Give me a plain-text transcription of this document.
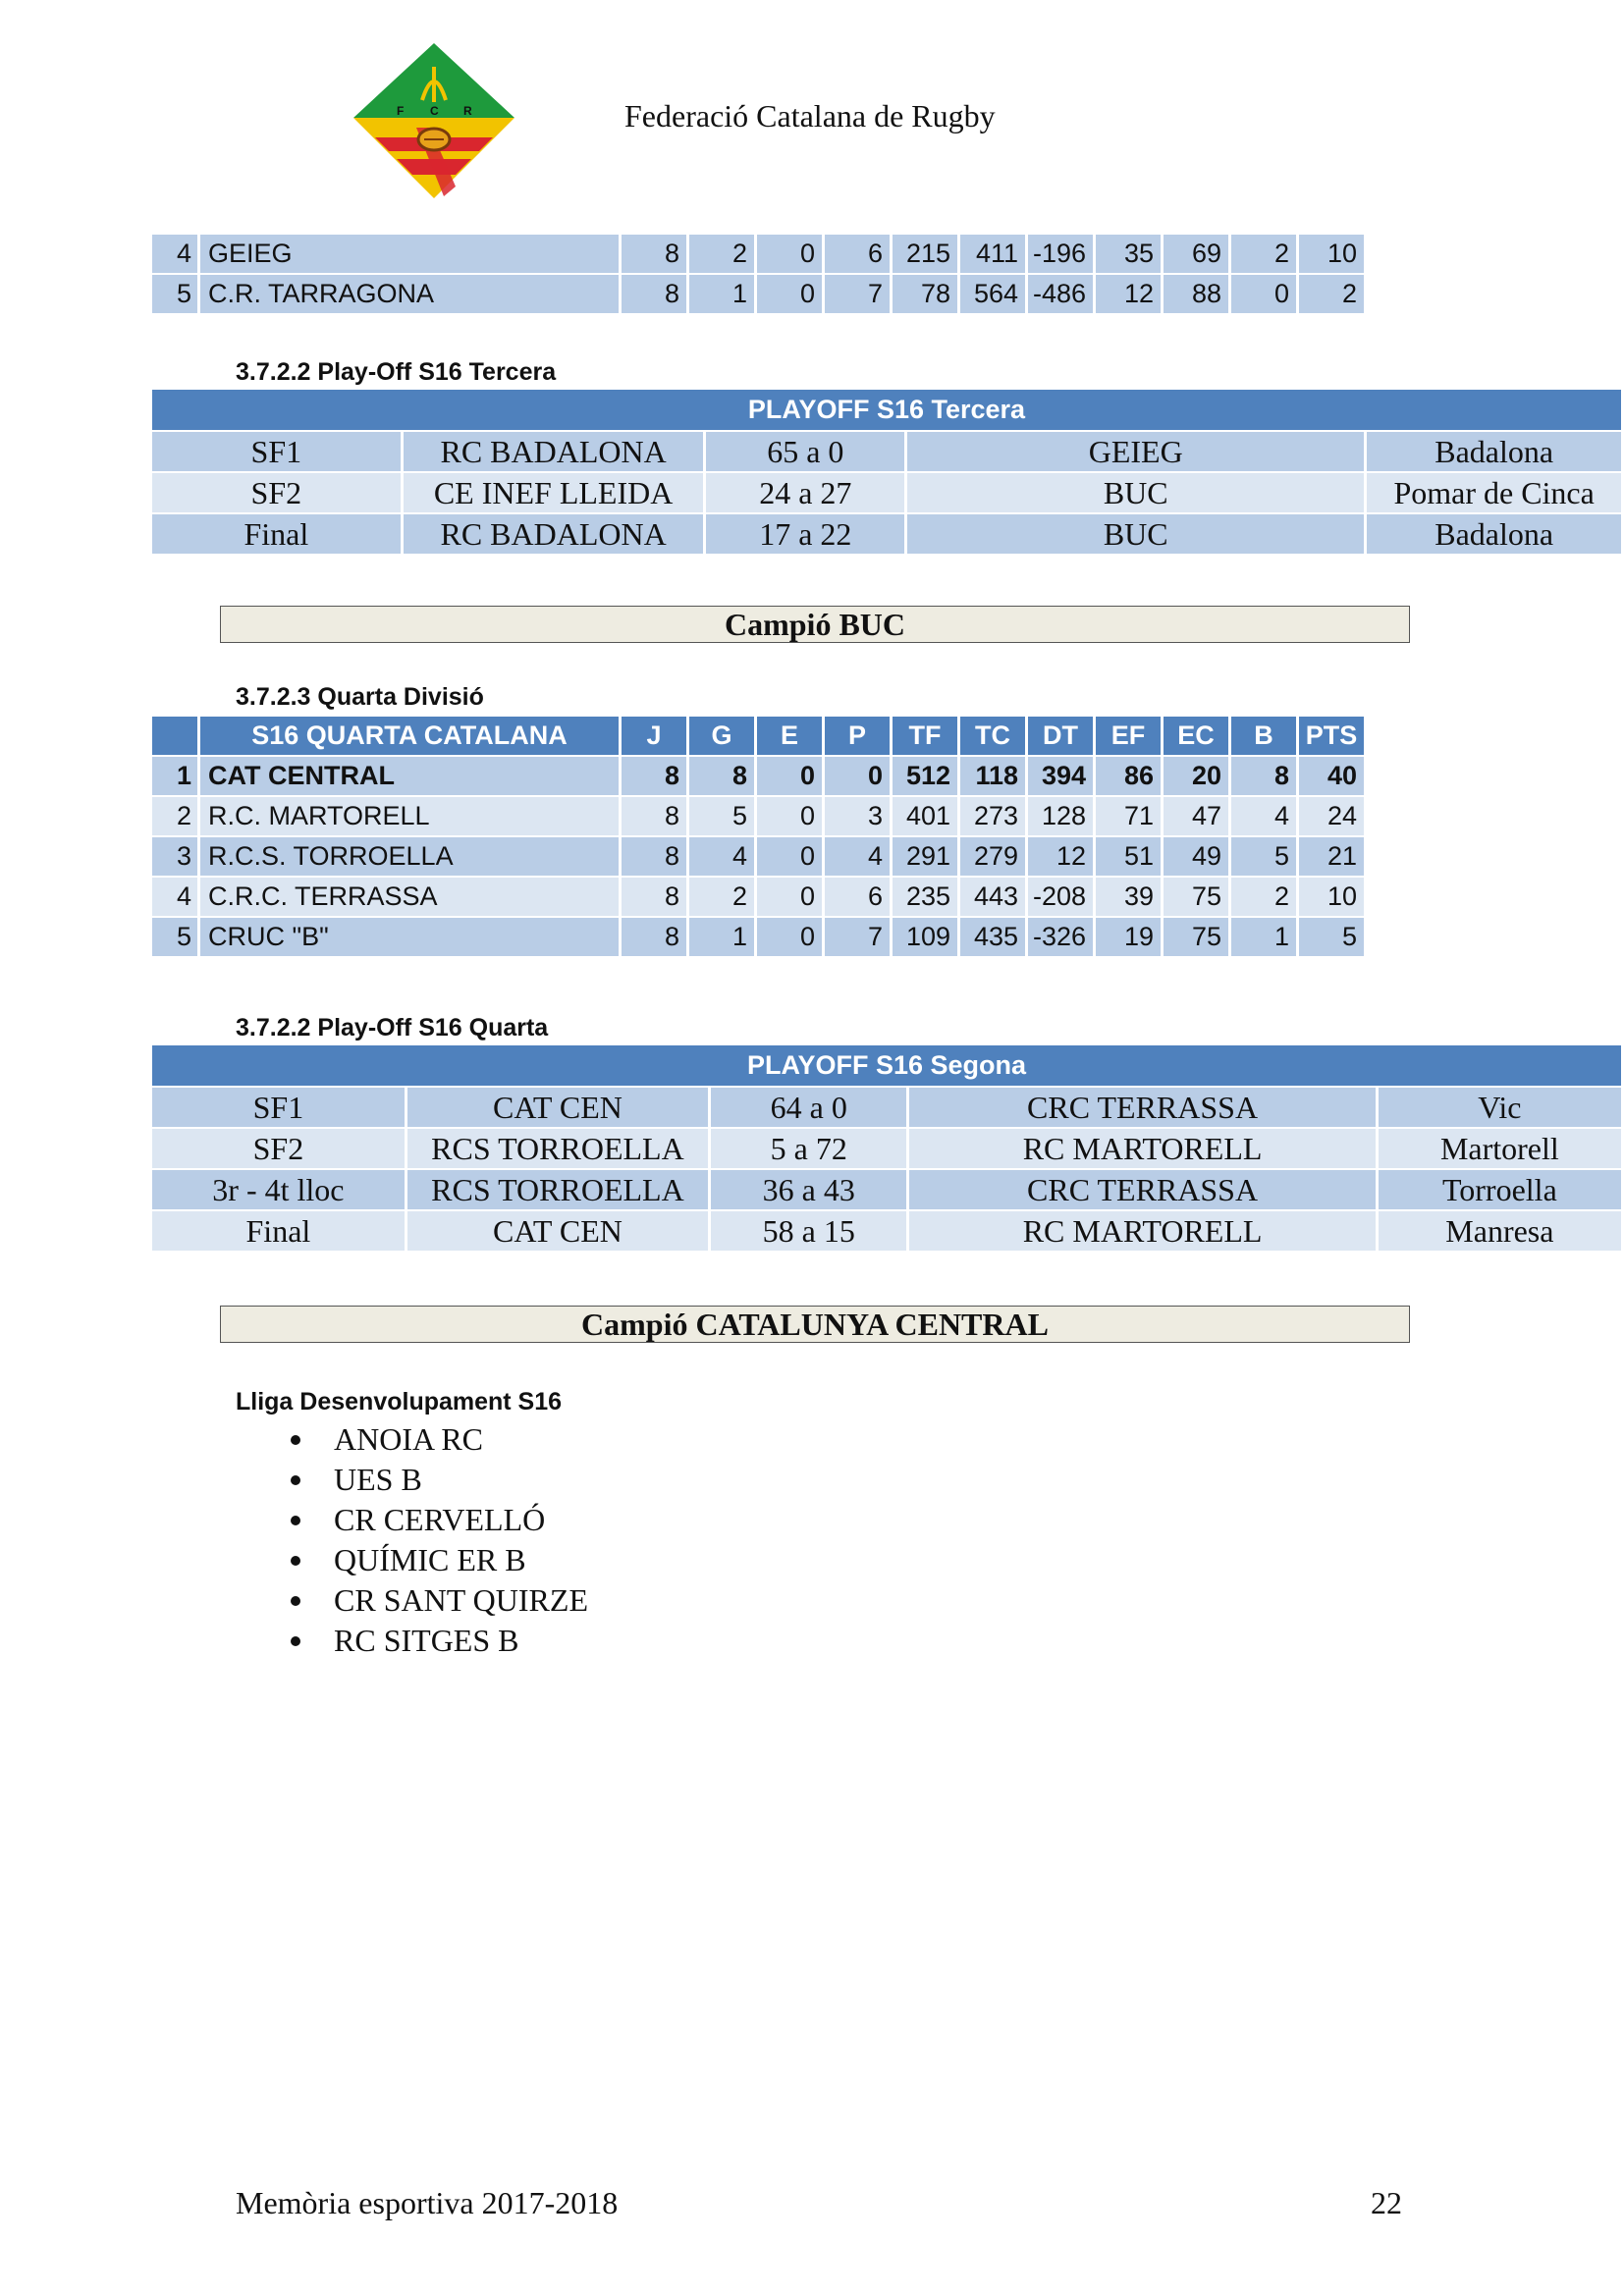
F C R	Federació Catalana de Rugby
4	GEIEG	8	2	0	6	215	411	-196	35	69	2	10
5	C.R. TARRAGONA	8	1	0	7	78	564	-486	12	88	0	2
3.7.2.2 Play-Off S16 Tercera
PLAYOFF S16 Tercera				
SF1	RC BADALONA	65 a 0	GEIEG	Badalona
SF2	CE INEF LLEIDA	24 a 27	BUC	Pomar de Cinca
Final	RC BADALONA	17 a 22	BUC	Badalona
Campió BUC
3.7.2.3 Quarta Divisió
	S16 QUARTA CATALANA	J	G	E	P	TF	TC	DT	EF	EC	B	PTS
1	CAT CENTRAL	8	8	0	0	512	118	394	86	20	8	40
2	R.C. MARTORELL	8	5	0	3	401	273	128	71	47	4	24
3	R.C.S. TORROELLA	8	4	0	4	291	279	12	51	49	5	21
4	C.R.C. TERRASSA	8	2	0	6	235	443	-208	39	75	2	10
5	CRUC "B"	8	1	0	7	109	435	-326	19	75	1	5
3.7.2.2 Play-Off S16 Quarta
PLAYOFF S16 Segona				
SF1	CAT CEN	64 a 0	CRC TERRASSA	Vic
SF2	RCS TORROELLA	5 a 72	RC MARTORELL	Martorell
3r - 4t lloc	RCS TORROELLA	36 a 43	CRC TERRASSA	Torroella
Final	CAT CEN	58 a 15	RC MARTORELL	Manresa
Campió CATALUNYA CENTRAL
Lliga Desenvolupament S16
ANOIA RC
UES B
CR CERVELLÓ
QUÍMIC ER B
CR SANT QUIRZE
RC SITGES B
Memòria esportiva 2017-2018	22
